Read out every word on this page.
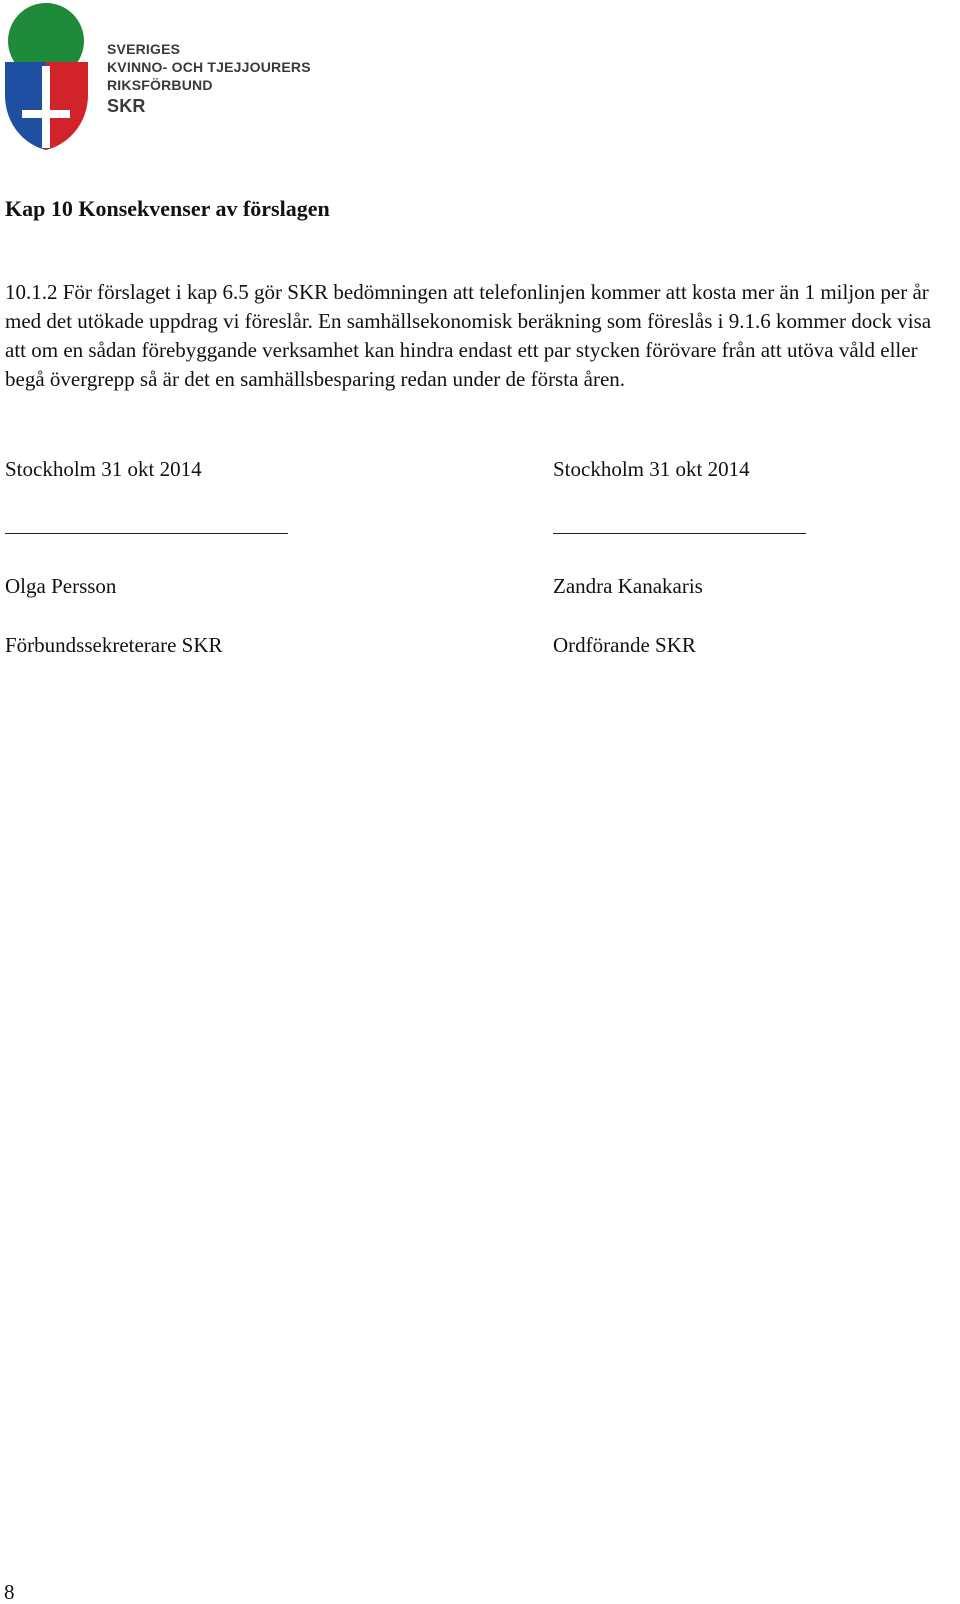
SVERIGES
KVINNO- OCH TJEJJOURERS
RIKSFÖRBUND
SKR
Kap 10 Konsekvenser av förslagen

10.1.2 För förslaget i kap 6.5 gör SKR bedömningen att telefonlinjen kommer att kosta mer än 1 miljon per år med det utökade uppdrag vi föreslår. En samhällsekonomisk beräkning som föreslås i 9.1.6 kommer dock visa att om en sådan förebyggande verksamhet kan hindra endast ett par stycken förövare från att utöva våld eller begå övergrepp så är det en samhällsbesparing redan under de första åren.

Stockholm 31 okt 2014
Olga Persson
Förbundssekreterare SKR
Stockholm 31 okt 2014
Zandra Kanakaris
Ordförande SKR
8
